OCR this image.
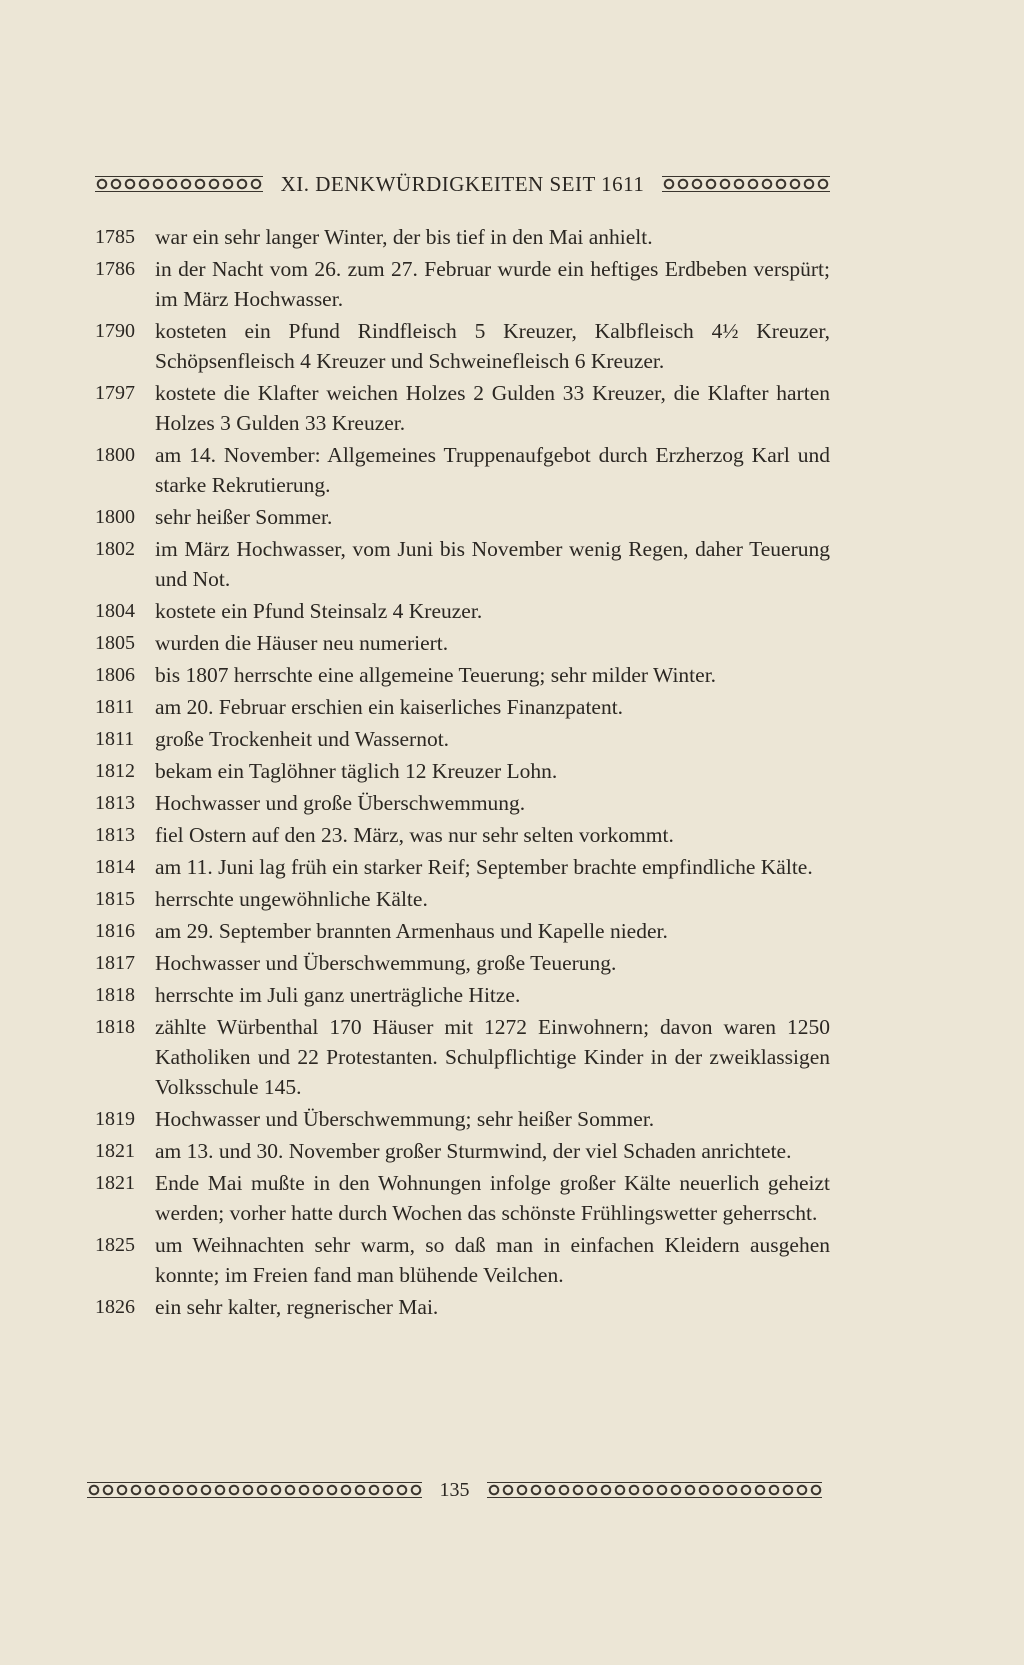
XI. DENKWÜRDIGKEITEN SEIT 1611
1785 war ein sehr langer Winter, der bis tief in den Mai anhielt.
1786 in der Nacht vom 26. zum 27. Februar wurde ein heftiges Erdbeben verspürt; im März Hochwasser.
1790 kosteten ein Pfund Rindfleisch 5 Kreuzer, Kalbfleisch 4½ Kreuzer, Schöpsenfleisch 4 Kreuzer und Schweinefleisch 6 Kreuzer.
1797 kostete die Klafter weichen Holzes 2 Gulden 33 Kreuzer, die Klafter harten Holzes 3 Gulden 33 Kreuzer.
1800 am 14. November: Allgemeines Truppenaufgebot durch Erzherzog Karl und starke Rekrutierung.
1800 sehr heißer Sommer.
1802 im März Hochwasser, vom Juni bis November wenig Regen, daher Teuerung und Not.
1804 kostete ein Pfund Steinsalz 4 Kreuzer.
1805 wurden die Häuser neu numeriert.
1806 bis 1807 herrschte eine allgemeine Teuerung; sehr milder Winter.
1811 am 20. Februar erschien ein kaiserliches Finanzpatent.
1811 große Trockenheit und Wassernot.
1812 bekam ein Taglöhner täglich 12 Kreuzer Lohn.
1813 Hochwasser und große Überschwemmung.
1813 fiel Ostern auf den 23. März, was nur sehr selten vorkommt.
1814 am 11. Juni lag früh ein starker Reif; September brachte empfindliche Kälte.
1815 herrschte ungewöhnliche Kälte.
1816 am 29. September brannten Armenhaus und Kapelle nieder.
1817 Hochwasser und Überschwemmung, große Teuerung.
1818 herrschte im Juli ganz unerträgliche Hitze.
1818 zählte Würbenthal 170 Häuser mit 1272 Einwohnern; davon waren 1250 Katholiken und 22 Protestanten. Schulpflichtige Kinder in der zweiklassigen Volksschule 145.
1819 Hochwasser und Überschwemmung; sehr heißer Sommer.
1821 am 13. und 30. November großer Sturmwind, der viel Schaden anrichtete.
1821 Ende Mai mußte in den Wohnungen infolge großer Kälte neuerlich geheizt werden; vorher hatte durch Wochen das schönste Frühlingswetter geherrscht.
1825 um Weihnachten sehr warm, so daß man in einfachen Kleidern ausgehen konnte; im Freien fand man blühende Veilchen.
1826 ein sehr kalter, regnerischer Mai.
135
